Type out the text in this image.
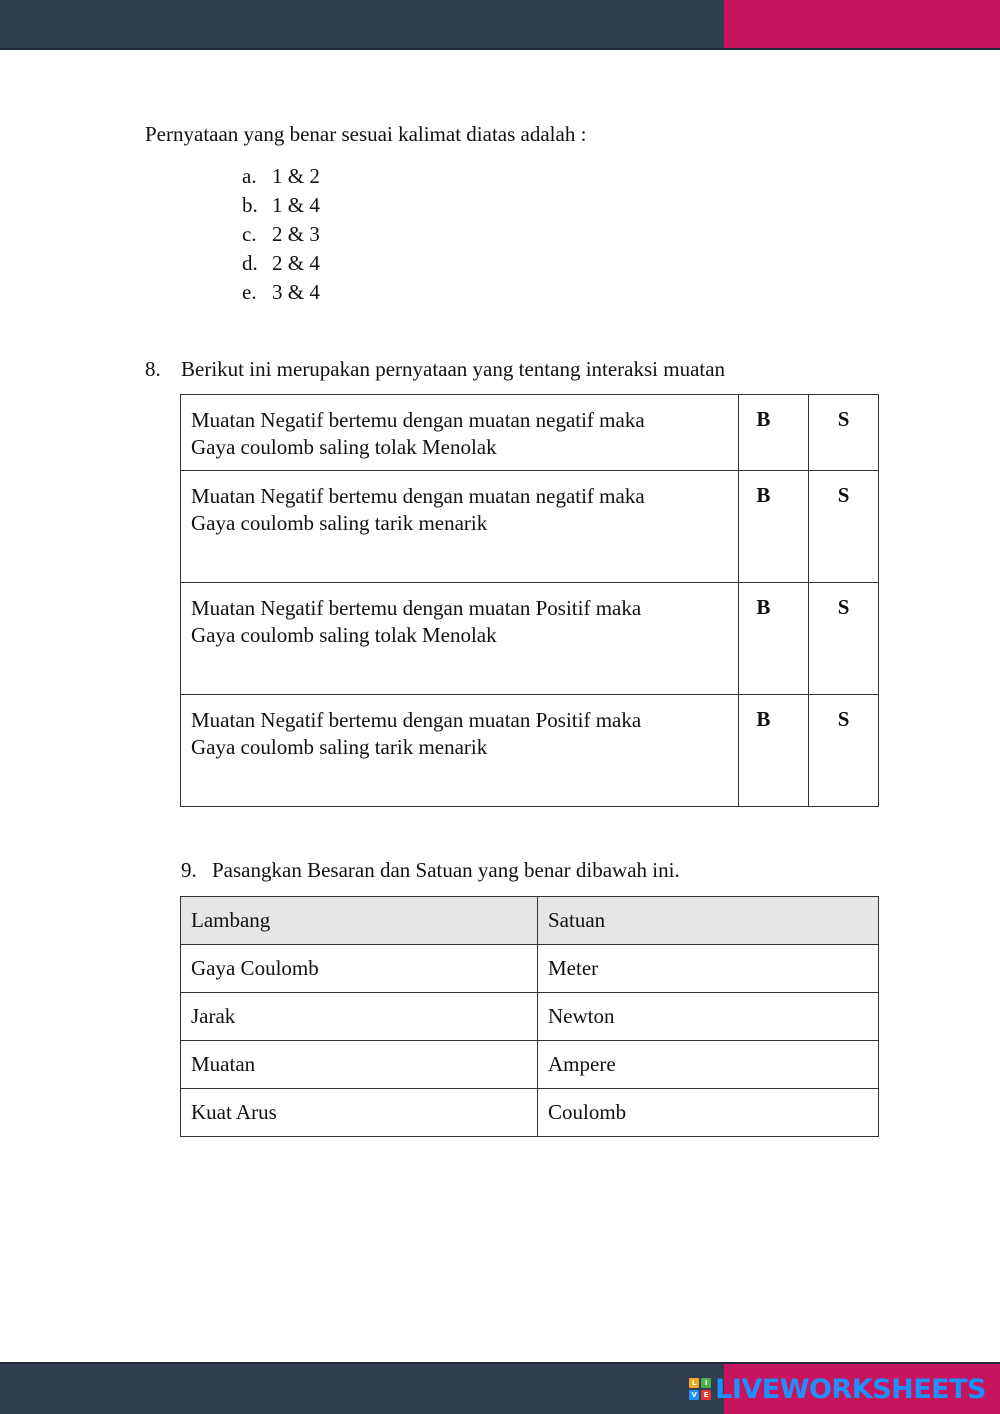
Pernyataan yang benar sesuai kalimat diatas adalah :
a. 1 & 2
b. 1 & 4
c. 2 & 3
d. 2 & 4
e. 3 & 4
8. Berikut ini merupakan pernyataan yang tentang interaksi muatan
Muatan Negatif bertemu dengan muatan negatif maka
Gaya coulomb saling tolak Menolak	B	S
Muatan Negatif bertemu dengan muatan negatif maka
Gaya coulomb saling tarik menarik	B	S
Muatan Negatif bertemu dengan muatan Positif maka
Gaya coulomb saling tolak Menolak	B	S
Muatan Negatif bertemu dengan muatan Positif maka
Gaya coulomb saling tarik menarik	B	S
9. Pasangkan Besaran dan Satuan yang benar dibawah ini.
Lambang	Satuan
Gaya Coulomb	Meter
Jarak	Newton
Muatan	Ampere
Kuat Arus	Coulomb
L	I
V E LIVEWORKSHEETS
